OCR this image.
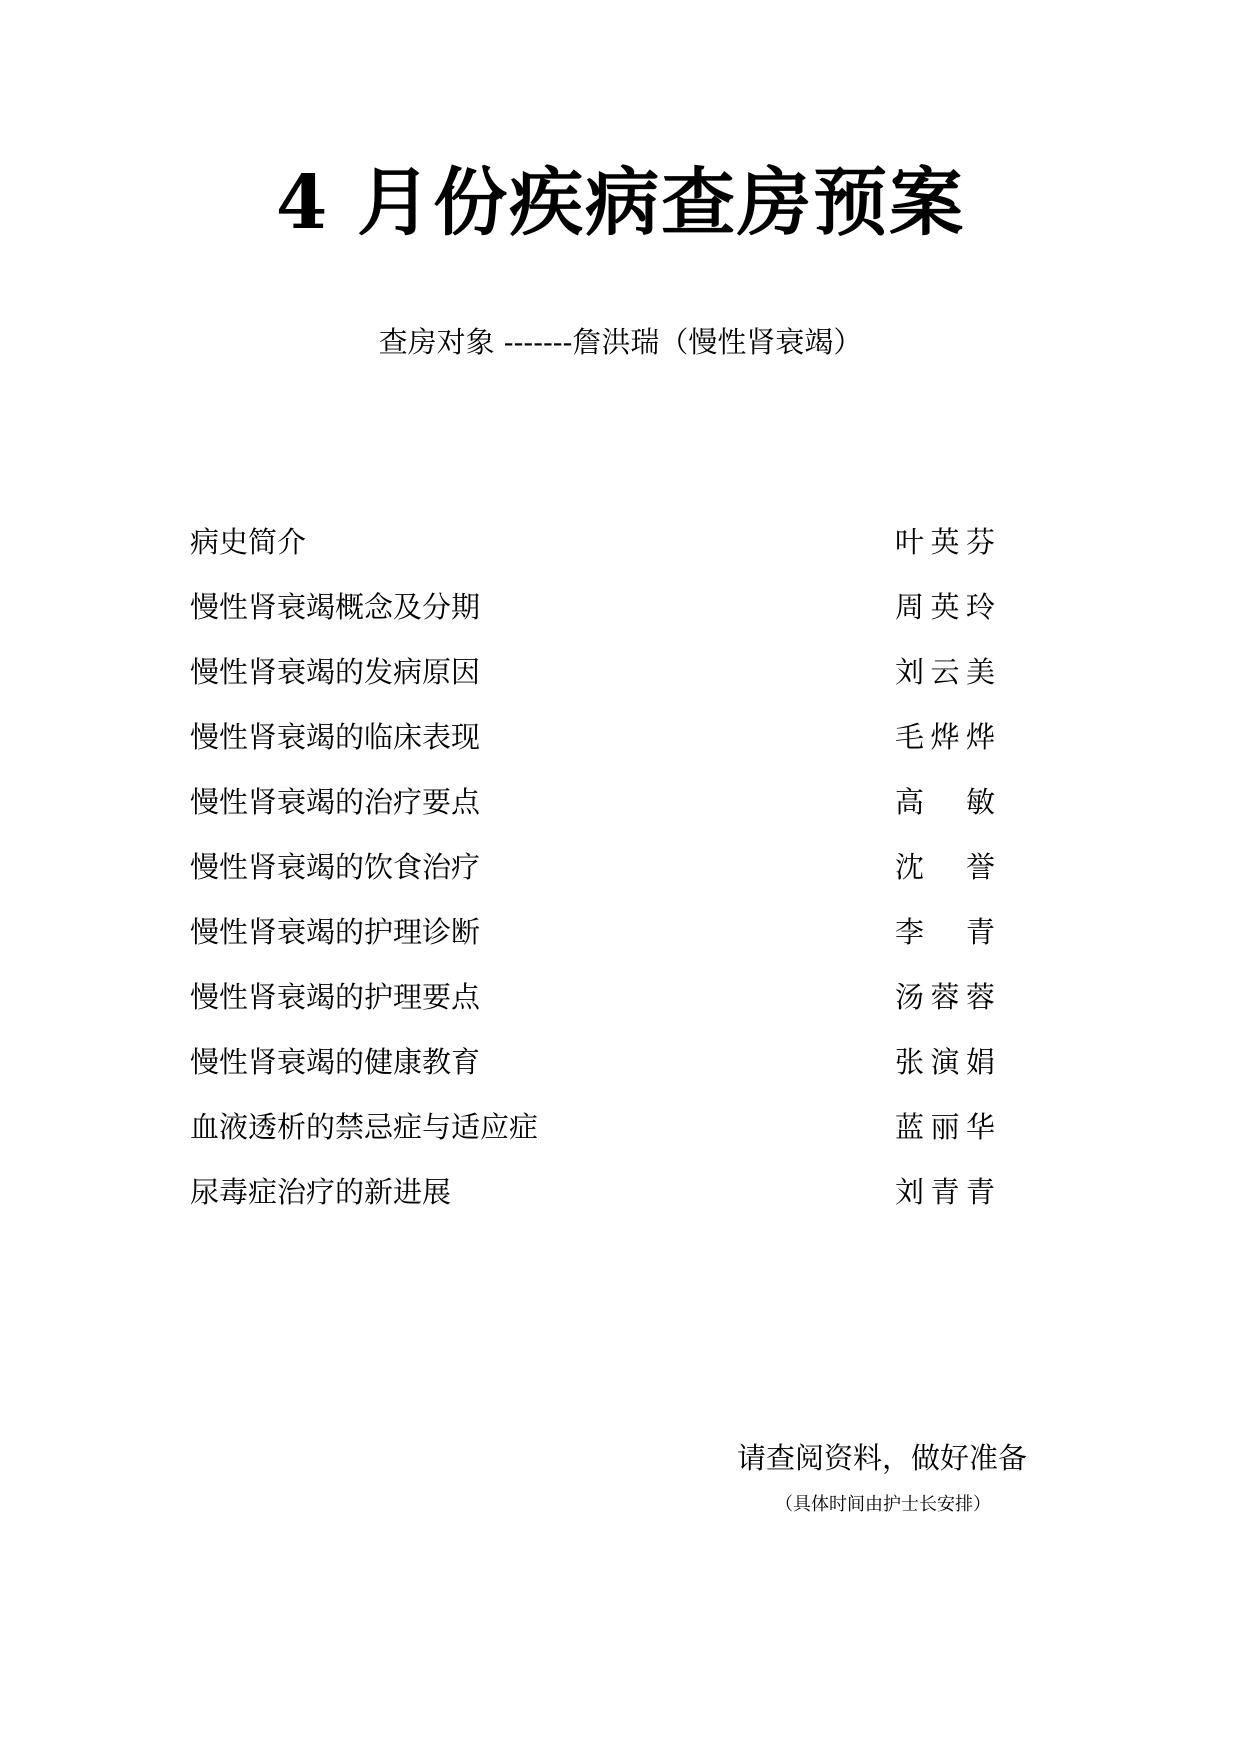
4 月份疾病查房预案
查房对象 -------詹洪瑞（慢性肾衰竭）
病史简介	叶英芬
慢性肾衰竭概念及分期	周英玲
慢性肾衰竭的发病原因	刘云美
慢性肾衰竭的临床表现	毛烨烨
慢性肾衰竭的治疗要点	高 敏
慢性肾衰竭的饮食治疗	沈 誉
慢性肾衰竭的护理诊断	李 青
慢性肾衰竭的护理要点	汤蓉蓉
慢性肾衰竭的健康教育	张演娟
血液透析的禁忌症与适应症	蓝丽华
尿毒症治疗的新进展	刘青青
请查阅资料，做好准备
（具体时间由护士长安排）
